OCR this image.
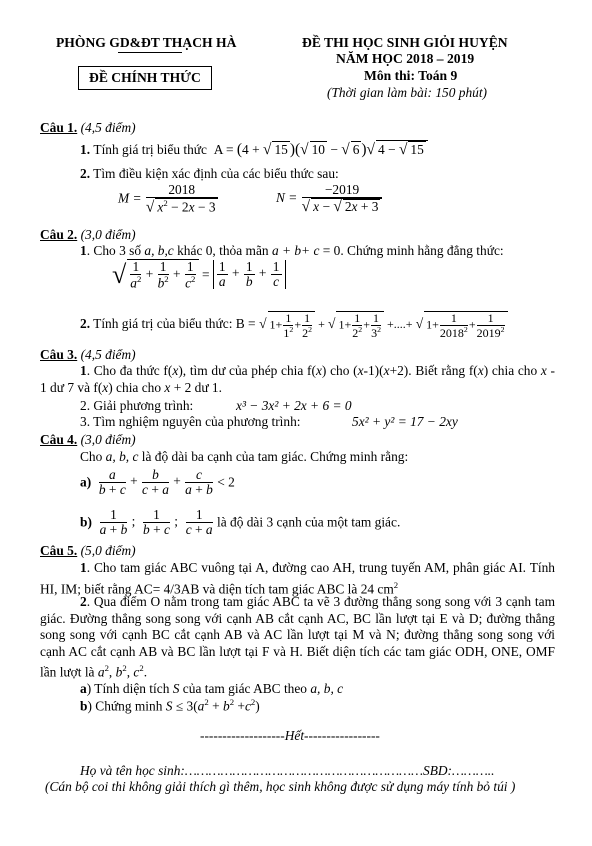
PHÒNG GD&ĐT THẠCH HÀ
ĐỀ CHÍNH THỨC
ĐỀ THI HỌC SINH GIỎI HUYỆN
NĂM HỌC 2018 – 2019
Môn thi: Toán 9
(Thời gian làm bài: 150 phút)
Câu 1. (4,5 điểm)
1. Tính giá trị biểu thức  A = (4 + √ 15 )(√ 10 − √ 6 )√ 4 − √ 15
2. Tìm điều kiện xác định của các biểu thức sau:
$M = \frac{2018}{√ x^2 - 2x - 3}$	$N = \frac{-2019}{√ x - √ 2x + 3}$
Câu 2. (3,0 điểm)
1. Cho 3 số a, b,c khác 0, thỏa mãn a + b+ c = 0. Chứng minh hằng đẳng thức:
√ $\frac{1}{a^2} + \frac{1}{b^2} + \frac{1}{c^2} = \frac{1}{a} + \frac{1}{b} + \frac{1}{c}$
2. Tính giá trị của biểu thức: B = √ $1+ \frac{1}{1^2} + \frac{1}{2^2}$ + √ $1+ \frac{1}{2^2} + \frac{1}{3^2}$ +....+ √ $1+ \frac{1}{2018^2} + \frac{1}{2019^2}$
Câu 3. (4,5 điểm)
1. Cho đa thức f(x), tìm dư của phép chia f(x) cho (x-1)(x+2). Biết rằng f(x) chia cho x - 1 dư 7 và f(x) chia cho x + 2 dư 1.
2. Giải phương trình:	x³ − 3x² + 2x + 6 = 0
3. Tìm nghiệm nguyên của phương trình:	5x² + y² = 17 − 2xy
Câu 4. (3,0 điểm)
Cho a, b, c là độ dài ba cạnh của tam giác. Chứng minh rằng:
$a) \frac{a}{b + c} + \frac{b}{c + a} + \frac{c}{a + b} < 2$
$b) \frac{1}{a + b}$ ; $\frac{1}{b + c}$ ; $\frac{1}{c + a}$ là độ dài 3 cạnh của một tam giác.
Câu 5. (5,0 điểm)
1. Cho tam giác ABC vuông tại A, đường cao AH, trung tuyến AM, phân giác AI. Tính HI, IM; biết rằng AC= 4/3AB và diện tích tam giác ABC là 24 $cm^2$
2. Qua điểm O nằm trong tam giác ABC ta vẽ 3 đường thẳng song song với 3 cạnh tam giác. Đường thẳng song song với cạnh AB cắt cạnh AC, BC lần lượt tại E và D; đường thẳng song song với cạnh BC cắt cạnh AB và AC lần lượt tại M và N; đường thẳng song song với cạnh AC cắt cạnh AB và BC lần lượt tại F và H. Biết diện tích các tam giác ODH, ONE, OMF lần lượt là $a^2$, $b^2$, $c^2$.
a) Tính diện tích S của tam giác ABC theo a, b, c
b) Chứng minh $S \le 3(a^2 + b^2 +c^2)$
-------------------Hết-----------------
Họ và tên học sinh:……………………………………………………SBD:………..
(Cán bộ coi thi không giải thích gì thêm, học sinh không được sử dụng máy tính bỏ túi )
